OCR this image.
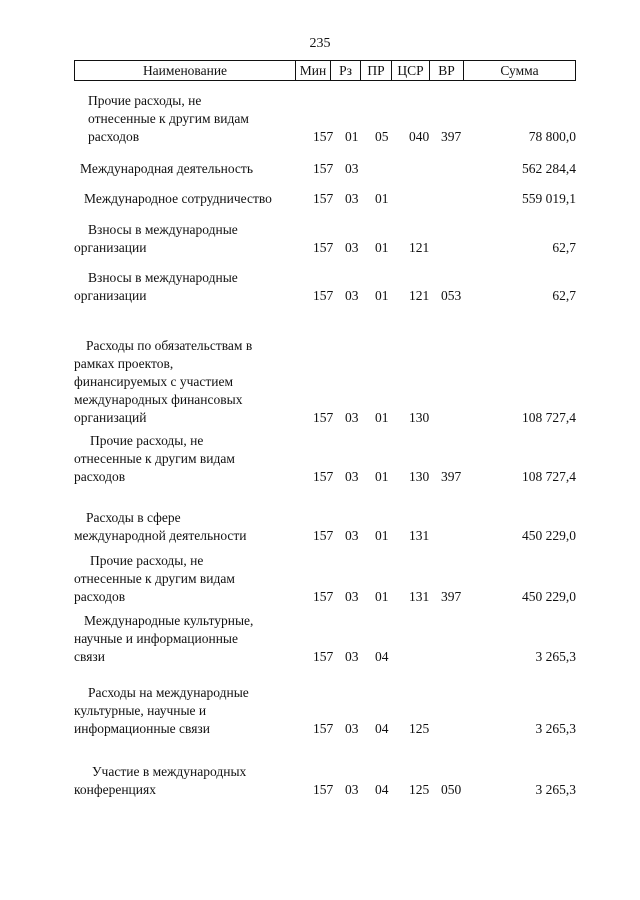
235
Наименование	Мин Рз	ПР ЦСР	ВР	Сумма
Прочие расходы, не
отнесенные к другим видам
расходов	157 01 05 040 397	78 800,0
Международная деятельность	157 03	562 284,4
Международное сотрудничество	157 03 01	559 019,1
Взносы в международные
организации	157 03 01 121	62,7
Взносы в международные
организации	157 03 01 121 053	62,7
Расходы по обязательствам в
рамках проектов,
финансируемых с участием
международных финансовых
организаций	157 03 01 130	108 727,4
Прочие расходы, не
отнесенные к другим видам
расходов	157 03 01 130 397	108 727,4
Расходы в сфере
международной деятельности	157 03 01 131	450 229,0
Прочие расходы, не
отнесенные к другим видам
расходов	157 03 01 131 397	450 229,0
Международные культурные,
научные и информационные
связи	157 03 04	3 265,3
Расходы на международные
культурные, научные и
информационные связи	157 03 04 125	3 265,3
Участие в международных
конференциях	157 03 04 125 050	3 265,3
